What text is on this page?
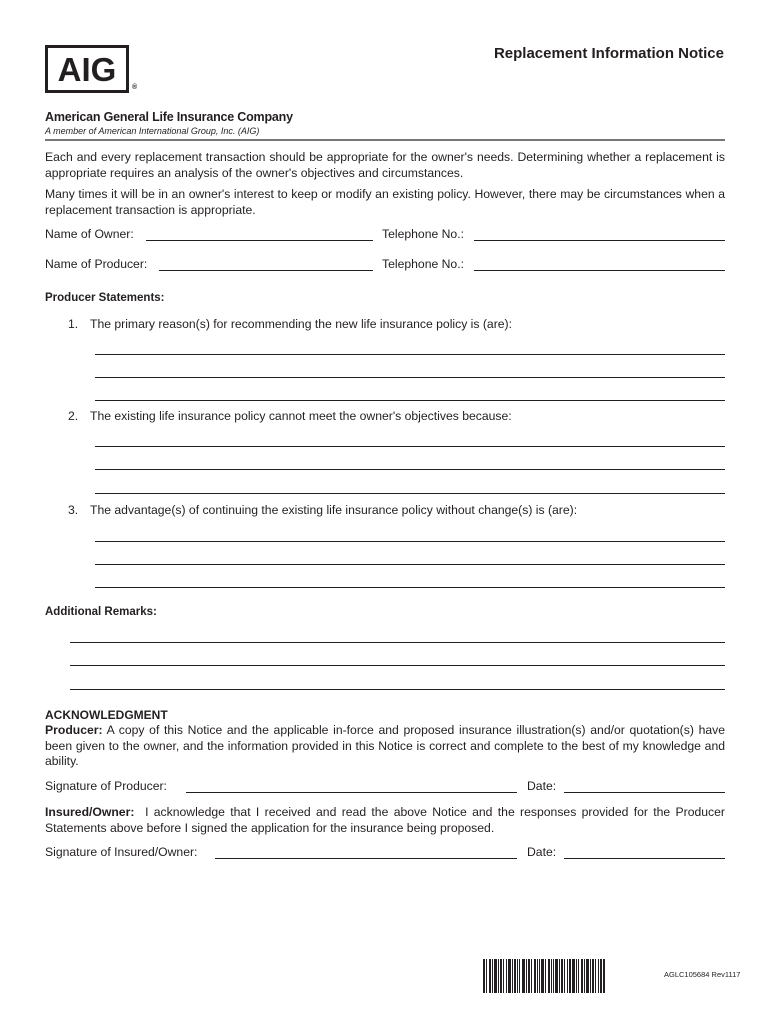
AIG ®
Replacement Information Notice
American General Life Insurance Company
A member of American International Group, Inc. (AIG)
Each and every replacement transaction should be appropriate for the owner's needs. Determining whether a replacement is appropriate requires an analysis of the owner's objectives and circumstances.
Many times it will be in an owner's interest to keep or modify an existing policy. However, there may be circumstances when a replacement transaction is appropriate.
Name of Owner:	Telephone No.:
Name of Producer:	Telephone No.:
Producer Statements:
1. The primary reason(s) for recommending the new life insurance policy is (are):
2. The existing life insurance policy cannot meet the owner's objectives because:
3. The advantage(s) of continuing the existing life insurance policy without change(s) is (are):
Additional Remarks:
ACKNOWLEDGMENT
Producer: A copy of this Notice and the applicable in-force and proposed insurance illustration(s) and/or quotation(s) have been given to the owner, and the information provided in this Notice is correct and complete to the best of my knowledge and ability.
Signature of Producer:	Date:
Insured/Owner: I acknowledge that I received and read the above Notice and the responses provided for the Producer Statements above before I signed the application for the insurance being proposed.
Signature of Insured/Owner:	Date:
AGLC105684 Rev1117
